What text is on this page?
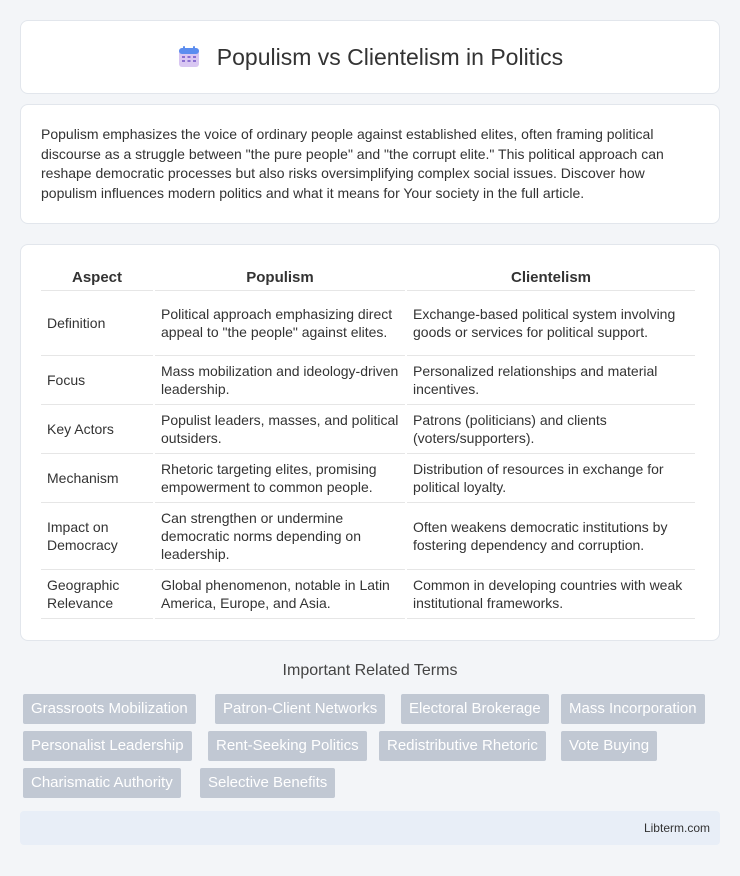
Populism vs Clientelism in Politics

Populism emphasizes the voice of ordinary people against established elites, often framing political discourse as a struggle between "the pure people" and "the corrupt elite." This political approach can reshape democratic processes but also risks oversimplifying complex social issues. Discover how populism influences modern politics and what it means for Your society in the full article.

Aspect	Populism	Clientelism
Definition	Political approach emphasizing direct appeal to "the people" against elites.	Exchange-based political system involving goods or services for political support.
Focus	Mass mobilization and ideology-driven leadership.	Personalized relationships and material incentives.
Key Actors	Populist leaders, masses, and political outsiders.	Patrons (politicians) and clients (voters/supporters).
Mechanism	Rhetoric targeting elites, promising empowerment to common people.	Distribution of resources in exchange for political loyalty.
Impact on Democracy	Can strengthen or undermine democratic norms depending on leadership.	Often weakens democratic institutions by fostering dependency and corruption.
Geographic Relevance	Global phenomenon, notable in Latin America, Europe, and Asia.	Common in developing countries with weak institutional frameworks.
Important Related Terms
Grassroots Mobilization	Patron-Client Networks	Electoral Brokerage	Mass Incorporation
Personalist Leadership	Rent-Seeking Politics	Redistributive Rhetoric	Vote Buying
Charismatic Authority	Selective Benefits
Libterm.com
